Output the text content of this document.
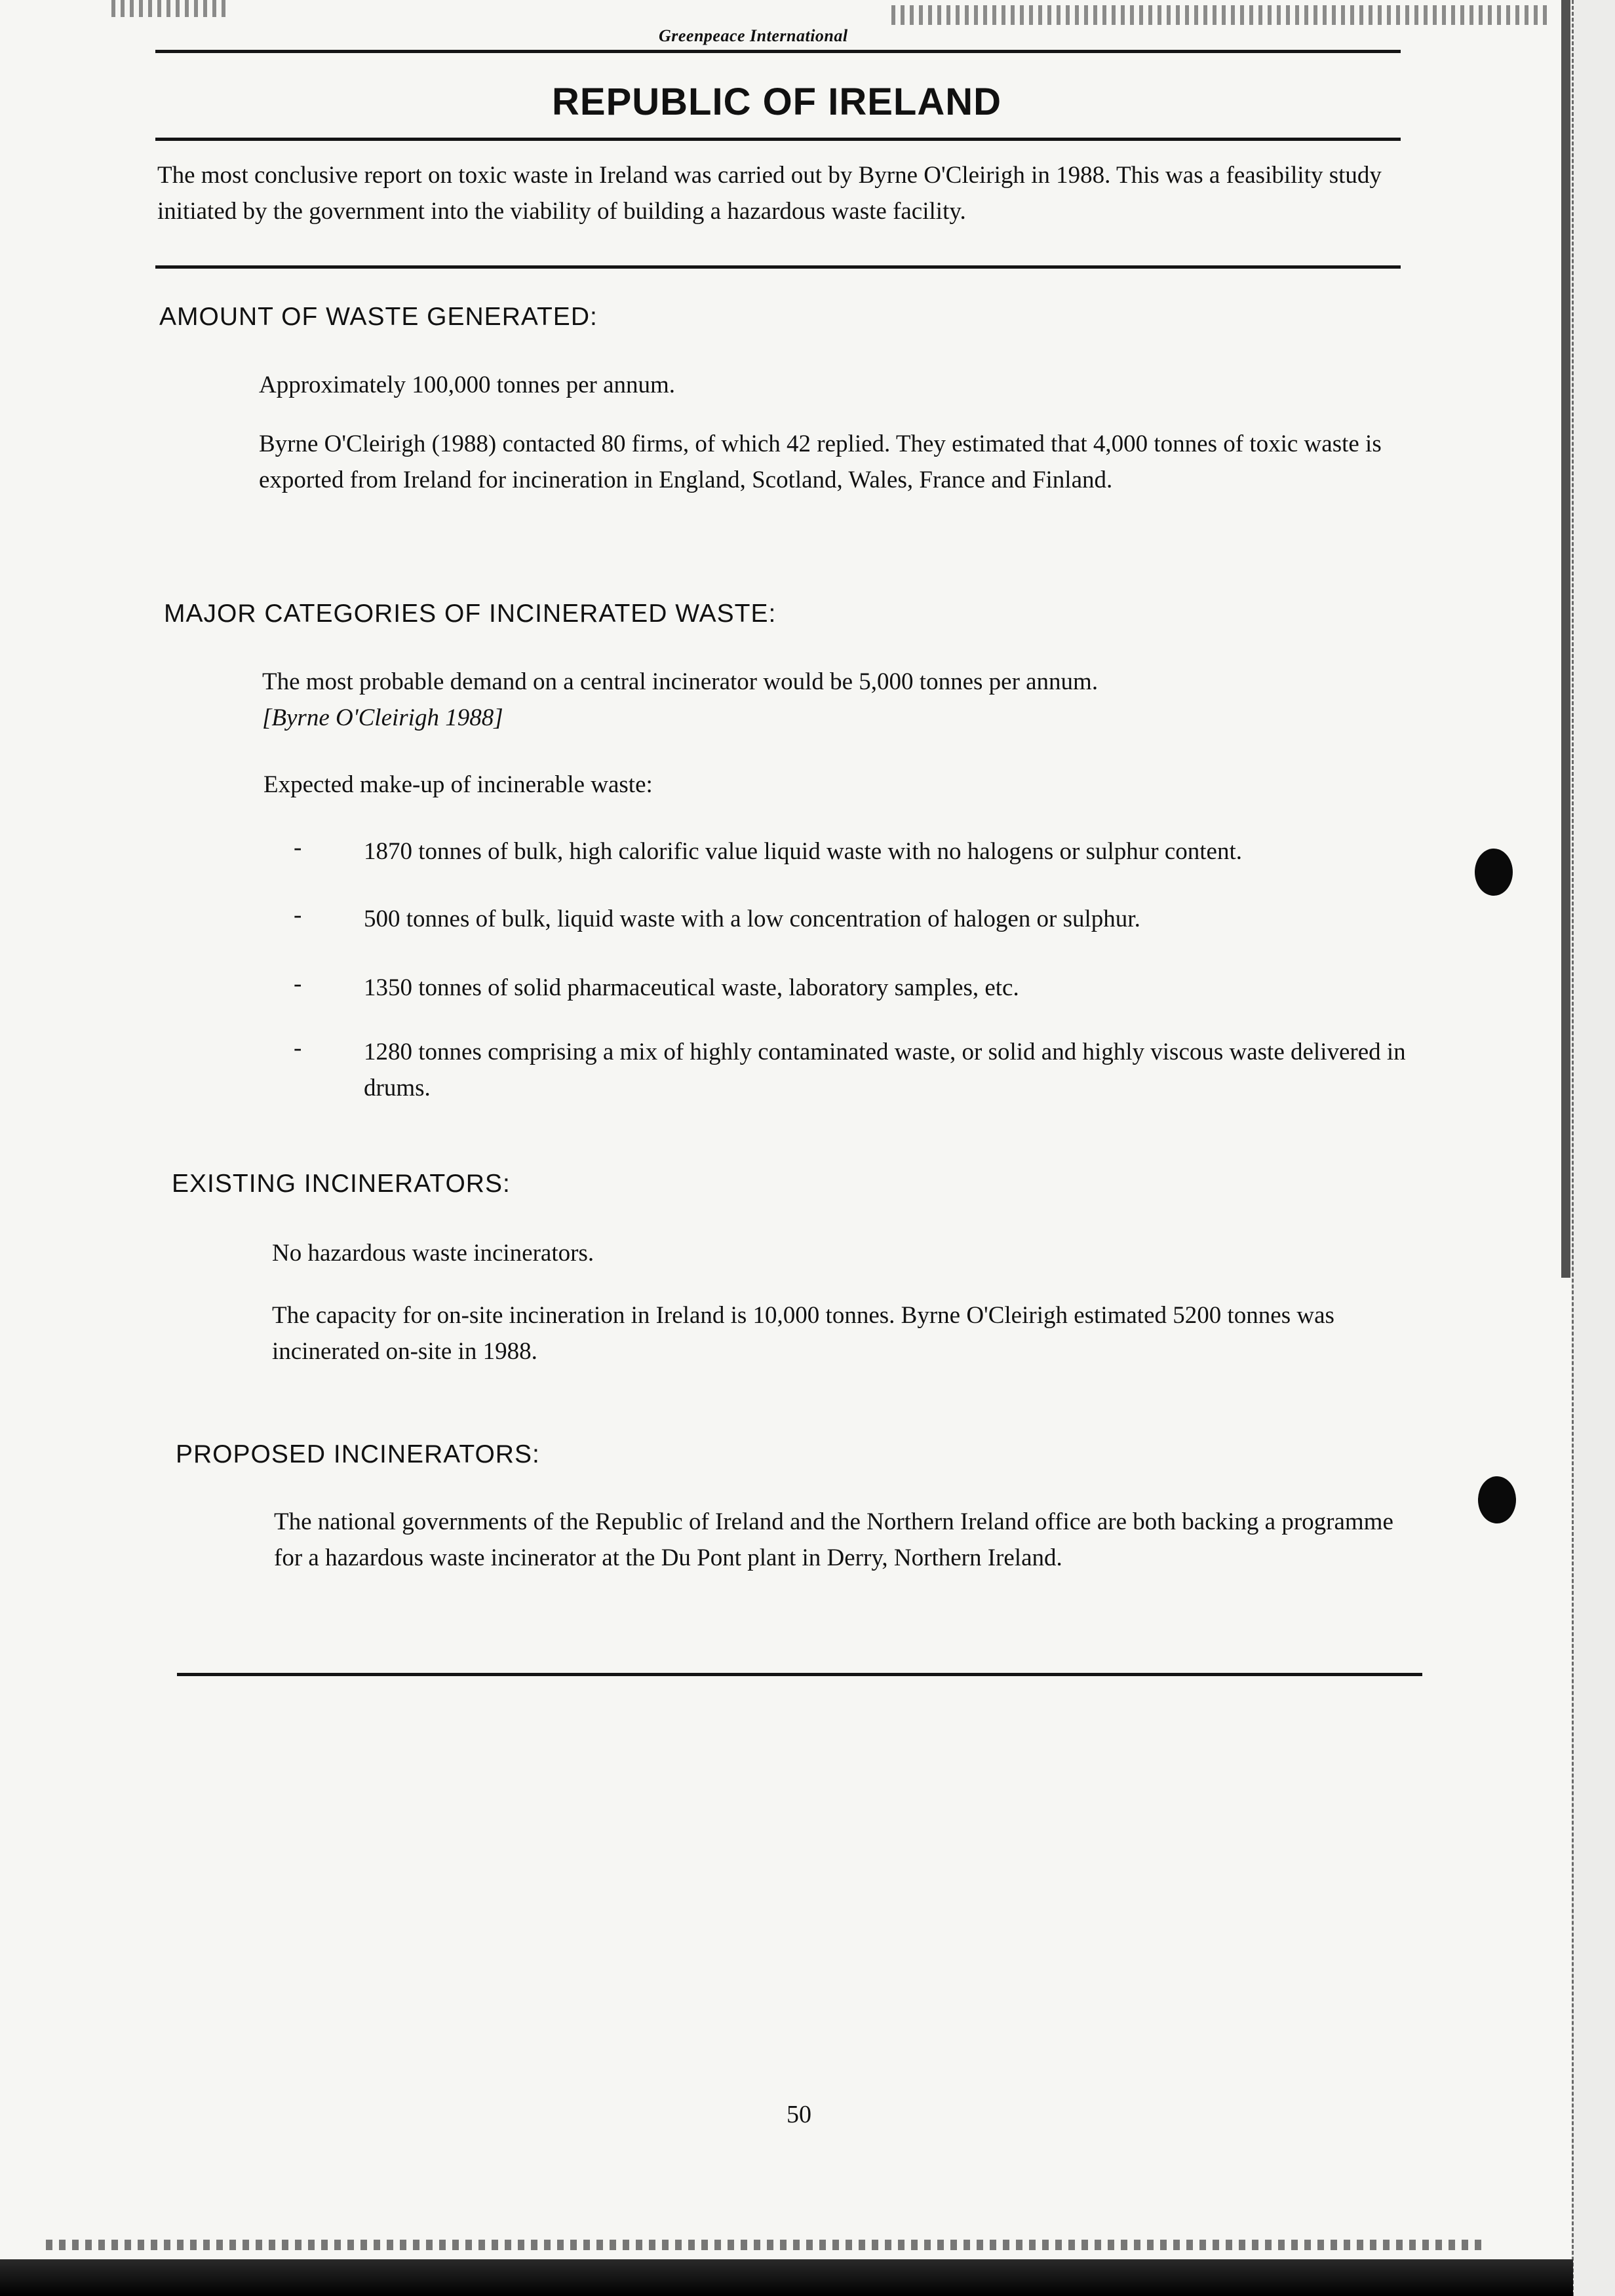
Greenpeace International
REPUBLIC OF IRELAND
The most conclusive report on toxic waste in Ireland was carried out by Byrne O'Cleirigh in 1988. This was a feasibility study initiated by the government into the viability of building a hazardous waste facility.
AMOUNT OF WASTE GENERATED:
Approximately 100,000 tonnes per annum.
Byrne O'Cleirigh (1988) contacted 80 firms, of which 42 replied. They estimated that 4,000 tonnes of toxic waste is exported from Ireland for incineration in England, Scotland, Wales, France and Finland.
MAJOR CATEGORIES OF INCINERATED WASTE:
The most probable demand on a central incinerator would be 5,000 tonnes per annum.
[Byrne O'Cleirigh 1988]
Expected make-up of incinerable waste:
-	1870 tonnes of bulk, high calorific value liquid waste with no halogens or sulphur content.
-	500 tonnes of bulk, liquid waste with a low concentration of halogen or sulphur.
-	1350 tonnes of solid pharmaceutical waste, laboratory samples, etc.
-	1280 tonnes comprising a mix of highly contaminated waste, or solid and highly viscous waste delivered in drums.
EXISTING INCINERATORS:
No hazardous waste incinerators.
The capacity for on-site incineration in Ireland is 10,000 tonnes. Byrne O'Cleirigh estimated 5200 tonnes was incinerated on-site in 1988.
PROPOSED INCINERATORS:
The national governments of the Republic of Ireland and the Northern Ireland office are both backing a programme for a hazardous waste incinerator at the Du Pont plant in Derry, Northern Ireland.
50
